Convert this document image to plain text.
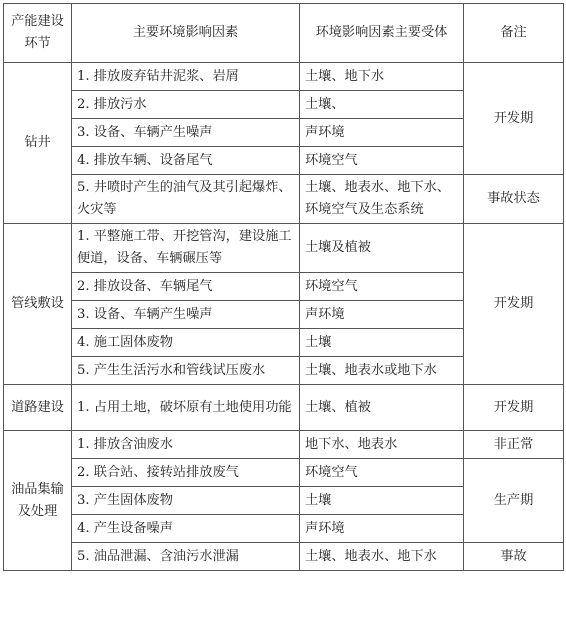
产能建设环节	主要环境影响因素	环境影响因素主要受体	备注
钻井	1. 排放废弃钻井泥浆、岩屑	土壤、地下水	开发期
	2. 排放污水	土壤、	
	3. 设备、车辆产生噪声	声环境	
	4. 排放车辆、设备尾气	环境空气	
	5. 井喷时产生的油气及其引起爆炸、火灾等	土壤、地表水、地下水、环境空气及生态系统	事故状态
管线敷设	1. 平整施工带、开挖管沟，建设施工便道，设备、车辆碾压等	土壤及植被	开发期
	2. 排放设备、车辆尾气	环境空气	
	3. 设备、车辆产生噪声	声环境	
	4. 施工固体废物	土壤	
	5. 产生生活污水和管线试压废水	土壤、地表水或地下水	
道路建设	1. 占用土地，破坏原有土地使用功能	土壤、植被	开发期
油品集输及处理	1. 排放含油废水	地下水、地表水	非正常
	2. 联合站、接转站排放废气	环境空气	生产期
	3. 产生固体废物	土壤	
	4. 产生设备噪声	声环境	
	5. 油品泄漏、含油污水泄漏	土壤、地表水、地下水	事故
